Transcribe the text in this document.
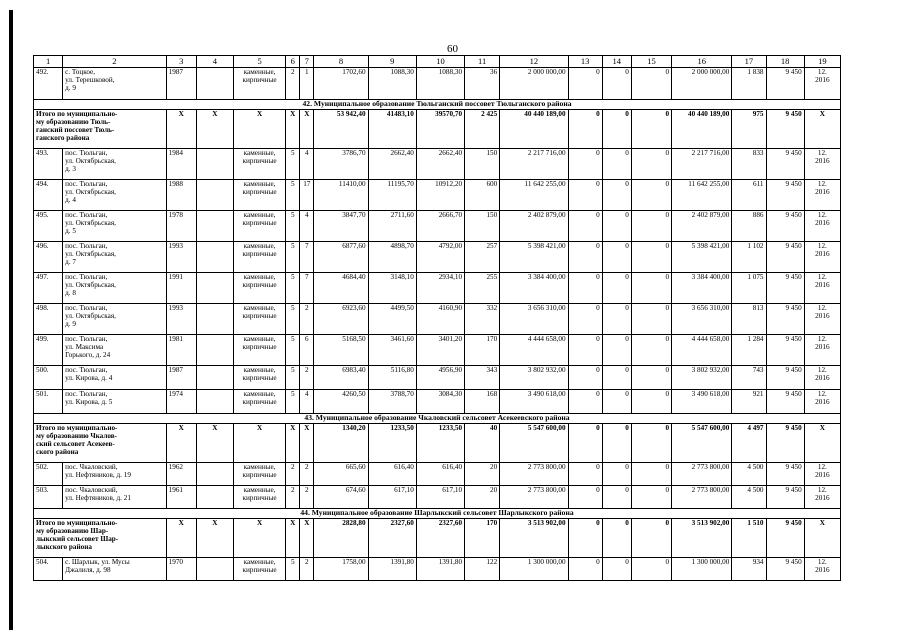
60
1	2	3	4	5	6	7	8	9	10	11	12	13	14	15	16	17	18	19
492.	с. Тоцкое,
ул. Терешковой,
д. 9	1987		каменные,
кирпичные	2	1	1702,60	1088,30	1088,30	36	2 000 000,00	0	0	0	2 000 000,00	1 838	9 450	12.
2016
42. Муниципальное образование Тюльганский поссовет Тюльганского района																		
Итого по муниципально-
му образованию Тюль-
ганский поссовет Тюль-
ганского района		X	X	X	X	X	53 942,40	41483,10	39570,70	2 425	40 440 189,00	0	0	0	40 440 189,00	975	9 450	X
493.	пос. Тюльган,
ул. Октябрьская,
д. 3	1984		каменные,
кирпичные	5	4	3786,70	2662,40	2662,40	150	2 217 716,00	0	0	0	2 217 716,00	833	9 450	12.
2016
494.	пос. Тюльган,
ул. Октябрьская,
д. 4	1988		каменные,
кирпичные	5	17	11410,00	11195,70	10912,20	600	11 642 255,00	0	0	0	11 642 255,00	611	9 450	12.
2016
495.	пос. Тюльган,
ул. Октябрьская,
д. 5	1978		каменные,
кирпичные	5	4	3847,70	2711,60	2666,70	150	2 402 879,00	0	0	0	2 402 879,00	886	9 450	12.
2016
496.	пос. Тюльган,
ул. Октябрьская,
д. 7	1993		каменные,
кирпичные	5	7	6877,60	4898,70	4792,00	257	5 398 421,00	0	0	0	5 398 421,00	1 102	9 450	12.
2016
497.	пос. Тюльган,
ул. Октябрьская,
д. 8	1991		каменные,
кирпичные	5	7	4684,40	3148,10	2934,10	255	3 384 400,00	0	0	0	3 384 400,00	1 075	9 450	12.
2016
498.	пос. Тюльган,
ул. Октябрьская,
д. 9	1993		каменные,
кирпичные	5	2	6923,60	4499,50	4160,90	332	3 656 310,00	0	0	0	3 656 310,00	813	9 450	12.
2016
499.	пос. Тюльган,
ул. Максима
Горького, д. 24	1981		каменные,
кирпичные	5	6	5168,50	3461,60	3401,20	170	4 444 658,00	0	0	0	4 444 658,00	1 284	9 450	12.
2016
500.	пос. Тюльган,
ул. Кирова, д. 4	1987		каменные,
кирпичные	5	2	6983,40	5116,80	4956,90	343	3 802 932,00	0	0	0	3 802 932,00	743	9 450	12.
2016
501.	пос. Тюльган,
ул. Кирова, д. 5	1974		каменные,
кирпичные	5	4	4260,50	3788,70	3084,30	168	3 490 618,00	0	0	0	3 490 618,00	921	9 450	12.
2016
43. Муниципальное образование Чкаловский сельсовет Асекеевского района																		
Итого по муниципально-
му образованию Чкалов-
ский сельсовет Асекеев-
ского района		X	X	X	X	X	1340,20	1233,50	1233,50	40	5 547 600,00	0	0	0	5 547 600,00	4 497	9 450	X
502.	пос. Чкаловский,
ул. Нефтяников, д. 19	1962		каменные,
кирпичные	2	2	665,60	616,40	616,40	20	2 773 800,00	0	0	0	2 773 800,00	4 500	9 450	12.
2016
503.	пос. Чкаловский,
ул. Нефтяников, д. 21	1961		каменные,
кирпичные	2	2	674,60	617,10	617,10	20	2 773 800,00	0	0	0	2 773 800,00	4 500	9 450	12.
2016
44. Муниципальное образование Шарлыкский сельсовет Шарлыкского района																		
Итого по муниципально-
му образованию Шар-
лыкский сельсовет Шар-
лыкского района		X	X	X	X	X	2828,80	2327,60	2327,60	170	3 513 902,00	0	0	0	3 513 902,00	1 510	9 450	X
504.	с. Шарлык, ул. Мусы
Джалиля, д. 98	1970		каменные,
кирпичные	5	2	1758,00	1391,80	1391,80	122	1 300 000,00	0	0	0	1 300 000,00	934	9 450	12.
2016
